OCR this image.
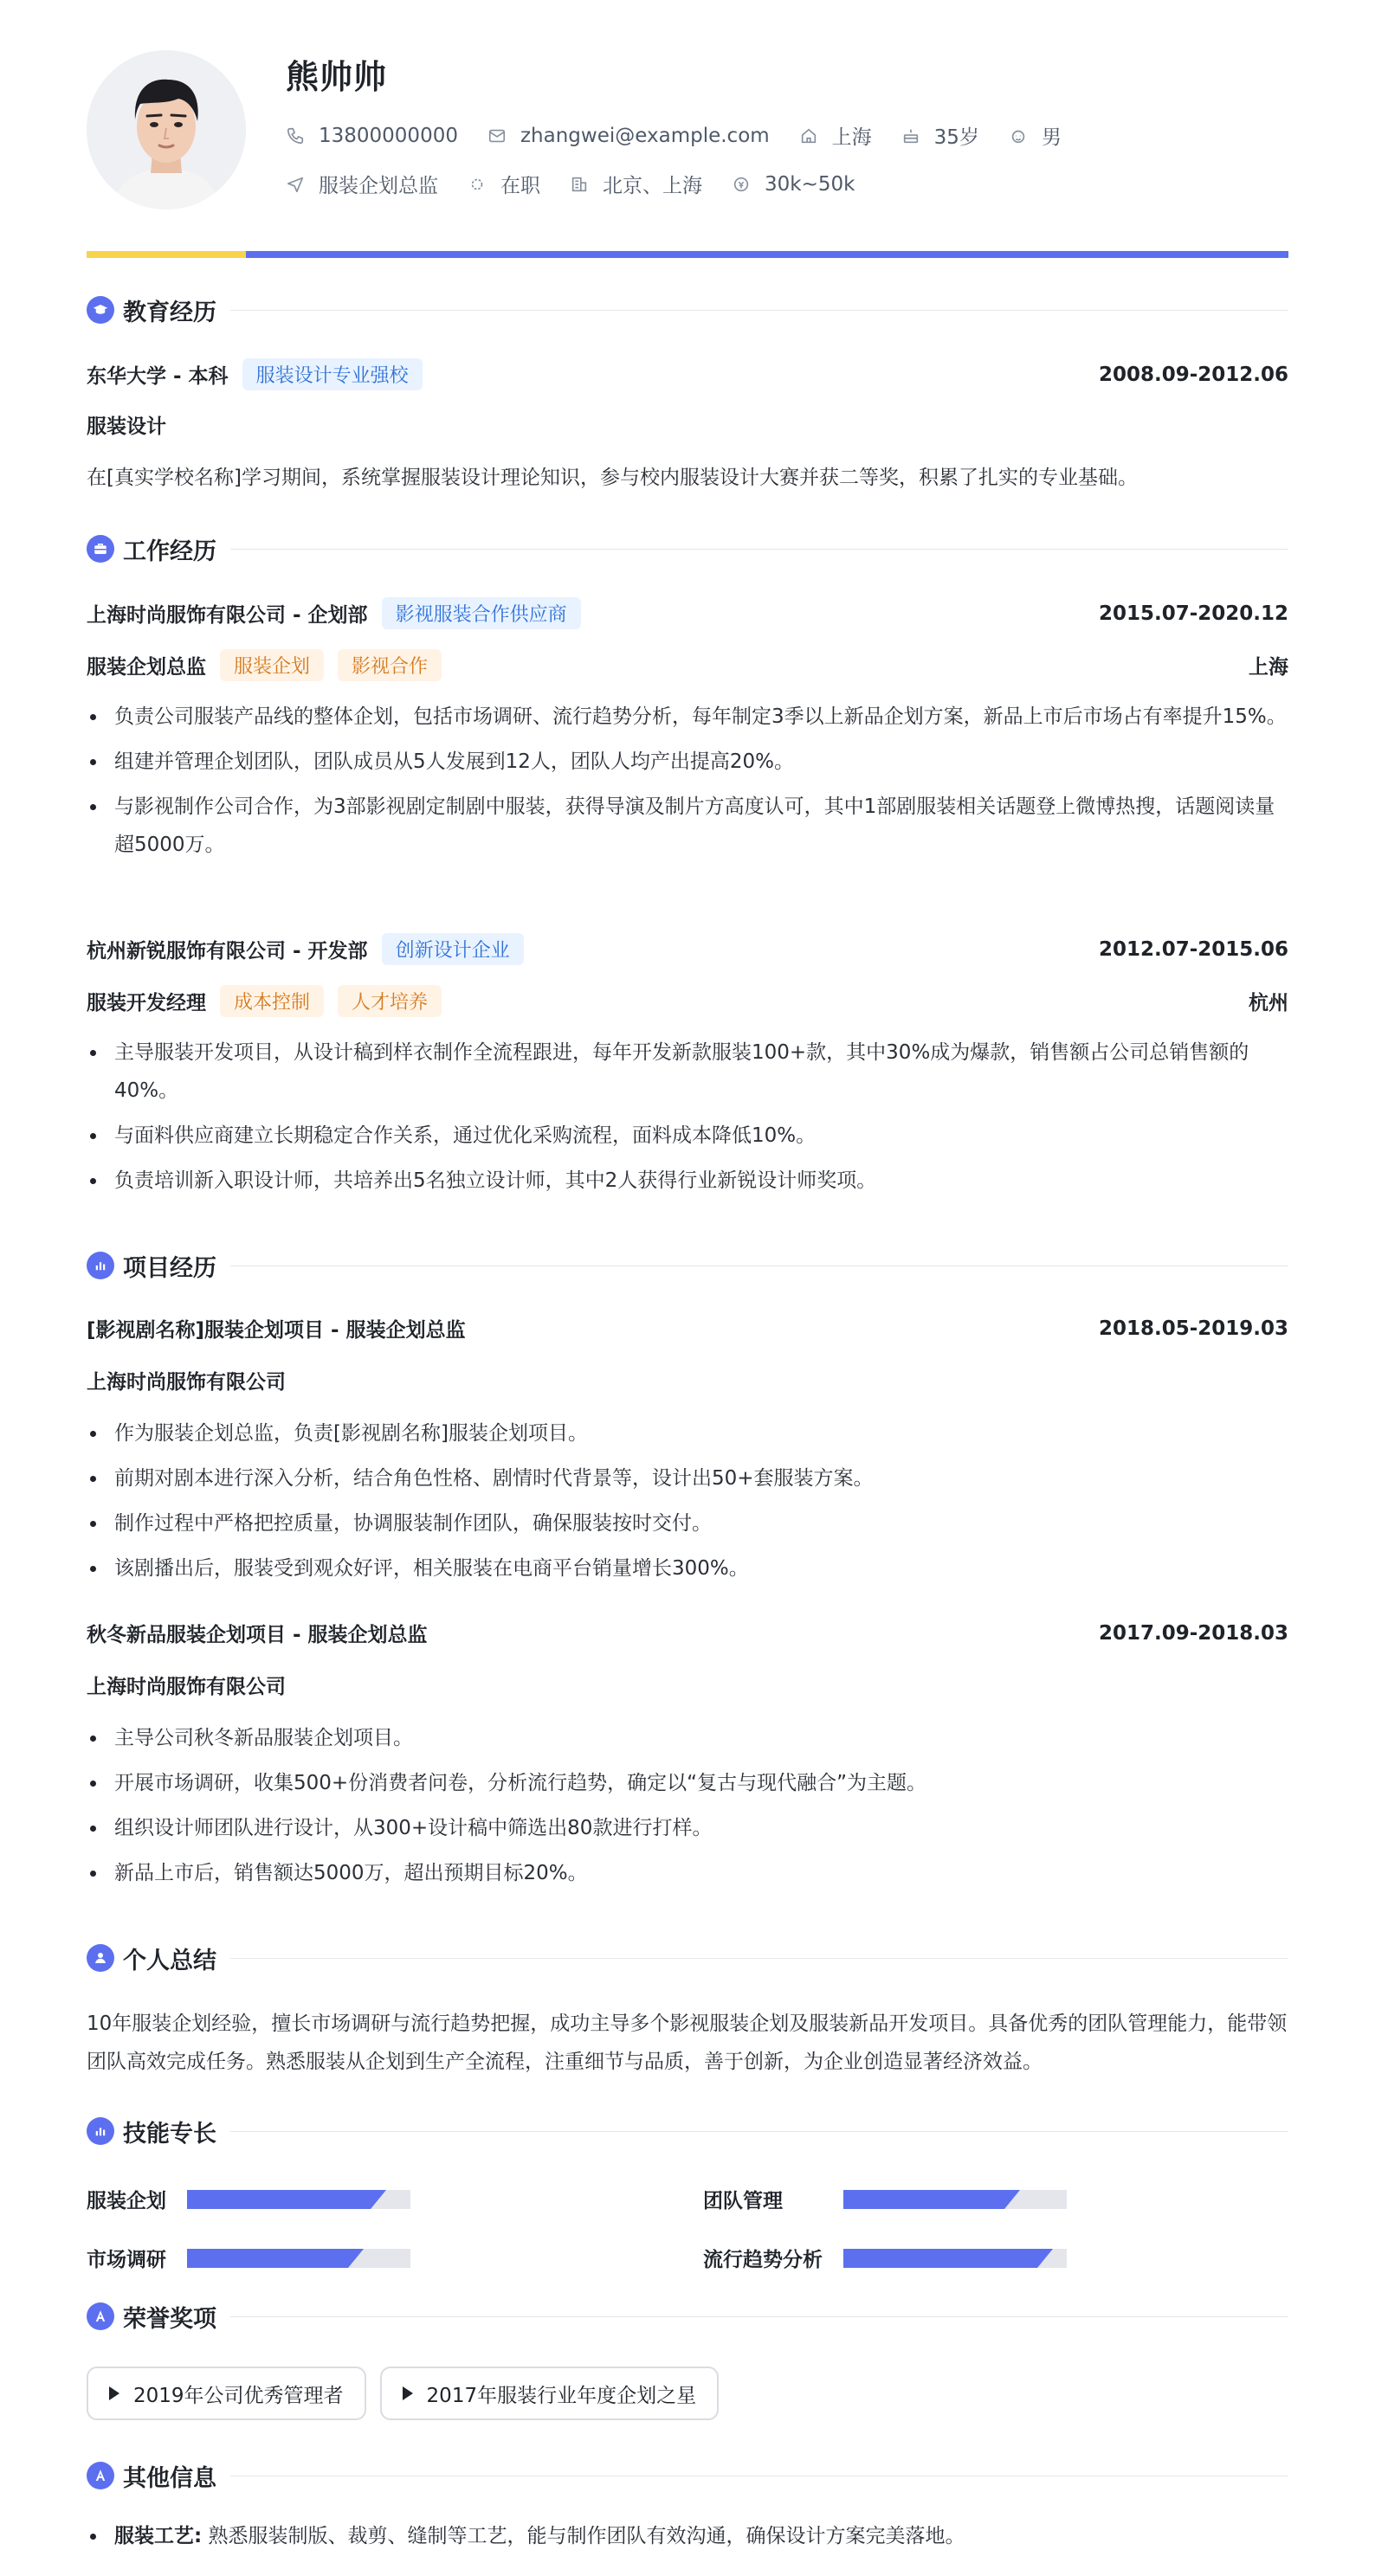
熊帅帅
13800000000	zhangwei@example.com	上海	35岁	男
服装企划总监	在职	北京、上海	30k~50k
教育经历
东华大学 - 本科	服装设计专业强校	2008.09-2012.06
服装设计
在[真实学校名称]学习期间，系统掌握服装设计理论知识，参与校内服装设计大赛并获二等奖，积累了扎实的专业基础。
工作经历
上海时尚服饰有限公司 - 企划部	影视服装合作供应商	2015.07-2020.12
服装企划总监	服装企划	影视合作	上海
负责公司服装产品线的整体企划，包括市场调研、流行趋势分析，每年制定3季以上新品企划方案，新品上市后市场占有率提升15%。
组建并管理企划团队，团队成员从5人发展到12人，团队人均产出提高20%。
与影视制作公司合作，为3部影视剧定制剧中服装，获得导演及制片方高度认可，其中1部剧服装相关话题登上微博热搜，话题阅读量超5000万。
杭州新锐服饰有限公司 - 开发部	创新设计企业	2012.07-2015.06
服装开发经理	成本控制	人才培养	杭州
主导服装开发项目，从设计稿到样衣制作全流程跟进，每年开发新款服装100+款，其中30%成为爆款，销售额占公司总销售额的40%。
与面料供应商建立长期稳定合作关系，通过优化采购流程，面料成本降低10%。
负责培训新入职设计师，共培养出5名独立设计师，其中2人获得行业新锐设计师奖项。
项目经历
[影视剧名称]服装企划项目 - 服装企划总监	2018.05-2019.03
上海时尚服饰有限公司
作为服装企划总监，负责[影视剧名称]服装企划项目。
前期对剧本进行深入分析，结合角色性格、剧情时代背景等，设计出50+套服装方案。
制作过程中严格把控质量，协调服装制作团队，确保服装按时交付。
该剧播出后，服装受到观众好评，相关服装在电商平台销量增长300%。
秋冬新品服装企划项目 - 服装企划总监	2017.09-2018.03
上海时尚服饰有限公司
主导公司秋冬新品服装企划项目。
开展市场调研，收集500+份消费者问卷，分析流行趋势，确定以“复古与现代融合”为主题。
组织设计师团队进行设计，从300+设计稿中筛选出80款进行打样。
新品上市后，销售额达5000万，超出预期目标20%。
个人总结
10年服装企划经验，擅长市场调研与流行趋势把握，成功主导多个影视服装企划及服装新品开发项目。具备优秀的团队管理能力，能带领团队高效完成任务。熟悉服装从企划到生产全流程，注重细节与品质，善于创新，为企业创造显著经济效益。
技能专长
服装企划	团队管理
市场调研	流行趋势分析
荣誉奖项
2019年公司优秀管理者	2017年服装行业年度企划之星
其他信息
服装工艺: 熟悉服装制版、裁剪、缝制等工艺，能与制作团队有效沟通，确保设计方案完美落地。
